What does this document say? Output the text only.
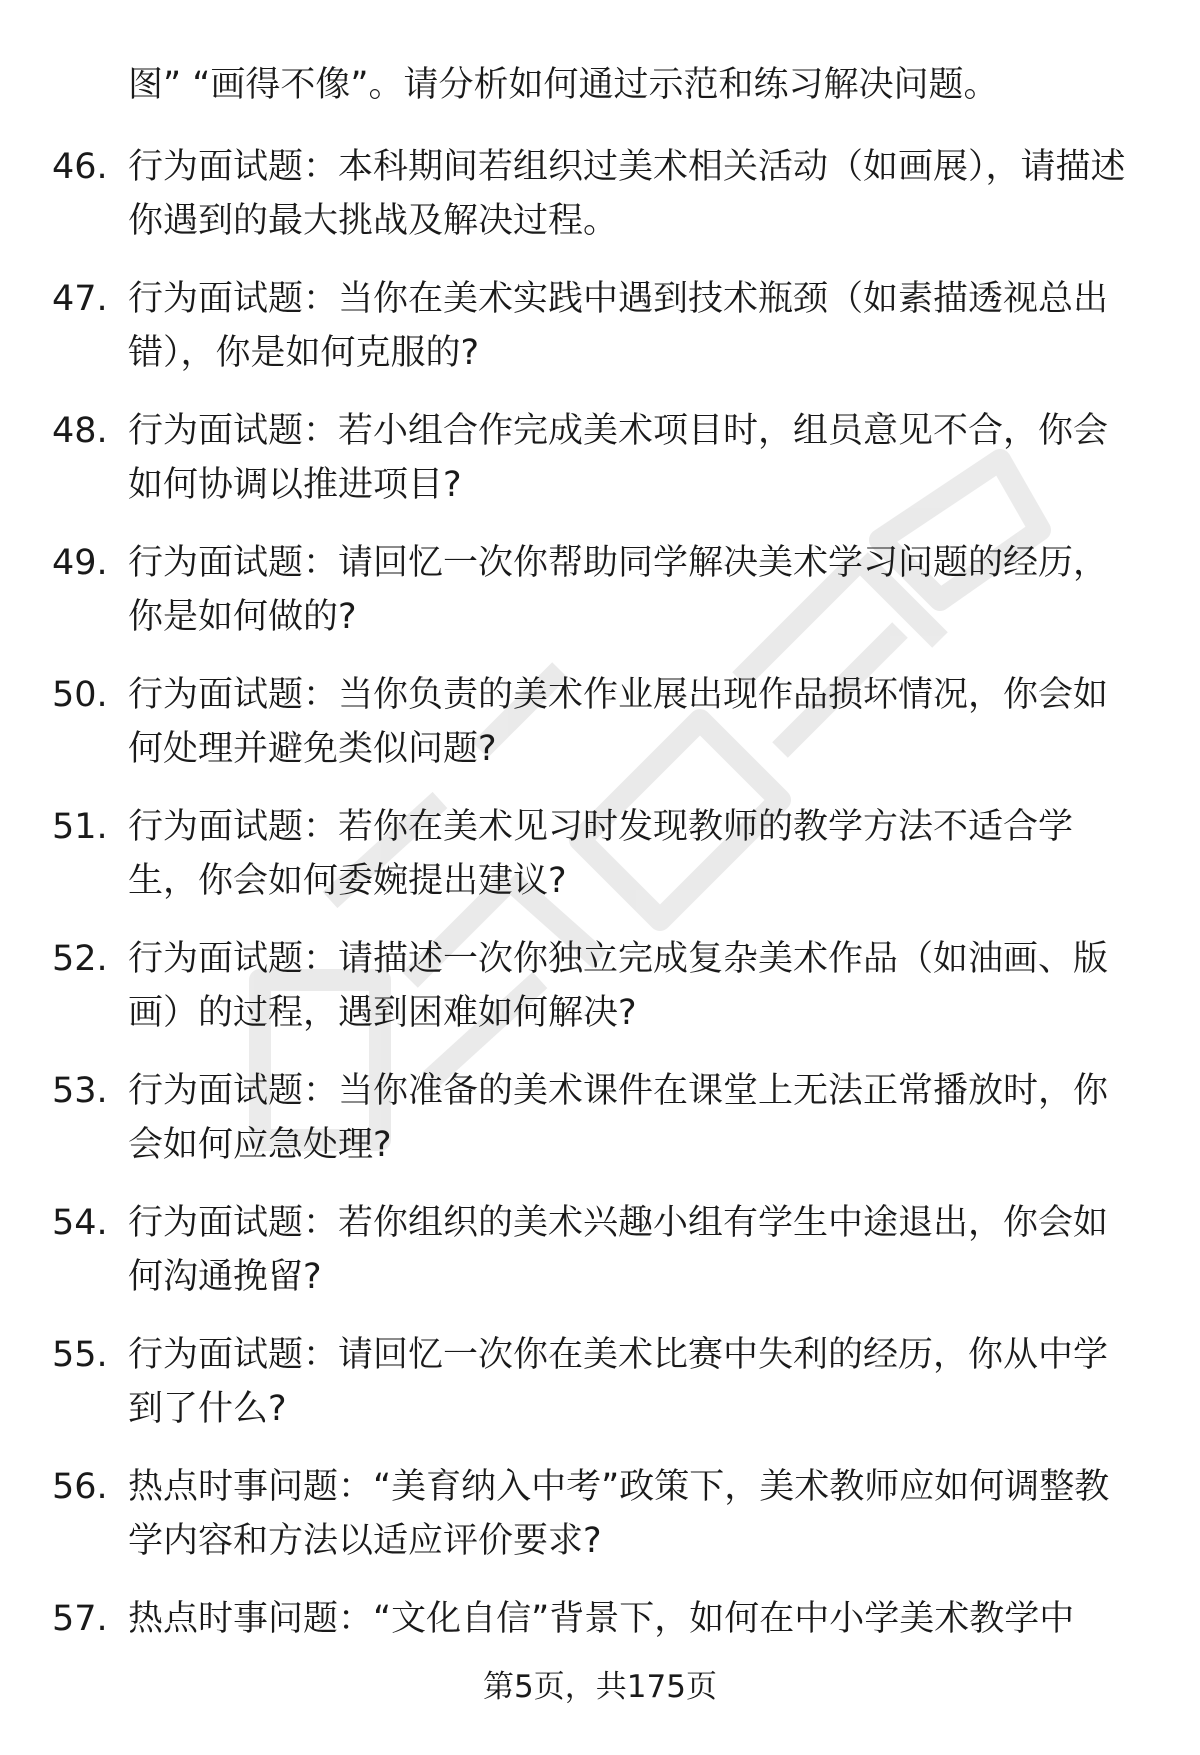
图” “画得不像”。请分析如何通过示范和练习解决问题。
46. 行为面试题：本科期间若组织过美术相关活动（如画展），请描述你遇到的最大挑战及解决过程。
47. 行为面试题：当你在美术实践中遇到技术瓶颈（如素描透视总出错），你是如何克服的?
48. 行为面试题：若小组合作完成美术项目时，组员意见不合，你会如何协调以推进项目?
49. 行为面试题：请回忆一次你帮助同学解决美术学习问题的经历，你是如何做的?
50. 行为面试题：当你负责的美术作业展出现作品损坏情况，你会如何处理并避免类似问题?
51. 行为面试题：若你在美术见习时发现教师的教学方法不适合学生，你会如何委婉提出建议?
52. 行为面试题：请描述一次你独立完成复杂美术作品（如油画、版画）的过程，遇到困难如何解决?
53. 行为面试题：当你准备的美术课件在课堂上无法正常播放时，你会如何应急处理?
54. 行为面试题：若你组织的美术兴趣小组有学生中途退出，你会如何沟通挽留?
55. 行为面试题：请回忆一次你在美术比赛中失利的经历，你从中学到了什么?
56. 热点时事问题：“美育纳入中考”政策下，美术教师应如何调整教学内容和方法以适应评价要求?
57. 热点时事问题：“文化自信”背景下，如何在中小学美术教学中
第5页，共175页
